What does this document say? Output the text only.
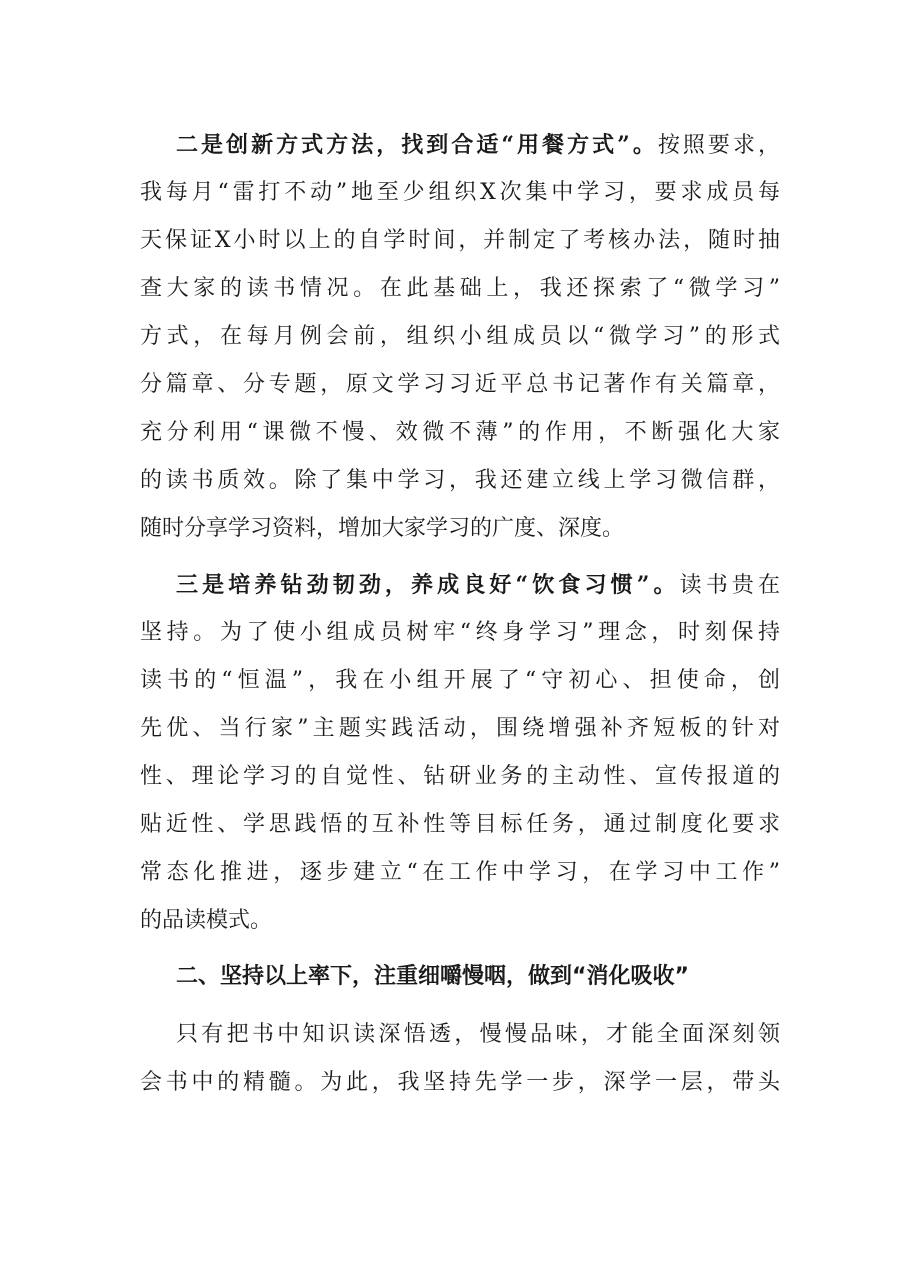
二是创新方式方法，找到合适“用餐方式”。按照要求，
我每月“雷打不动”地至少组织X次集中学习，要求成员每
天保证X小时以上的自学时间，并制定了考核办法，随时抽
查大家的读书情况。在此基础上，我还探索了“微学习”
方式，在每月例会前，组织小组成员以“微学习”的形式
分篇章、分专题，原文学习习近平总书记著作有关篇章，
充分利用“课微不慢、效微不薄”的作用，不断强化大家
的读书质效。除了集中学习，我还建立线上学习微信群，
随时分享学习资料，增加大家学习的广度、深度。
三是培养钻劲韧劲，养成良好“饮食习惯”。读书贵在
坚持。为了使小组成员树牢“终身学习”理念，时刻保持
读书的“恒温”，我在小组开展了“守初心、担使命，创
先优、当行家”主题实践活动，围绕增强补齐短板的针对
性、理论学习的自觉性、钻研业务的主动性、宣传报道的
贴近性、学思践悟的互补性等目标任务，通过制度化要求
常态化推进，逐步建立“在工作中学习，在学习中工作”
的品读模式。
二、坚持以上率下，注重细嚼慢咽，做到“消化吸收”
只有把书中知识读深悟透，慢慢品味，才能全面深刻领
会书中的精髓。为此，我坚持先学一步，深学一层，带头
